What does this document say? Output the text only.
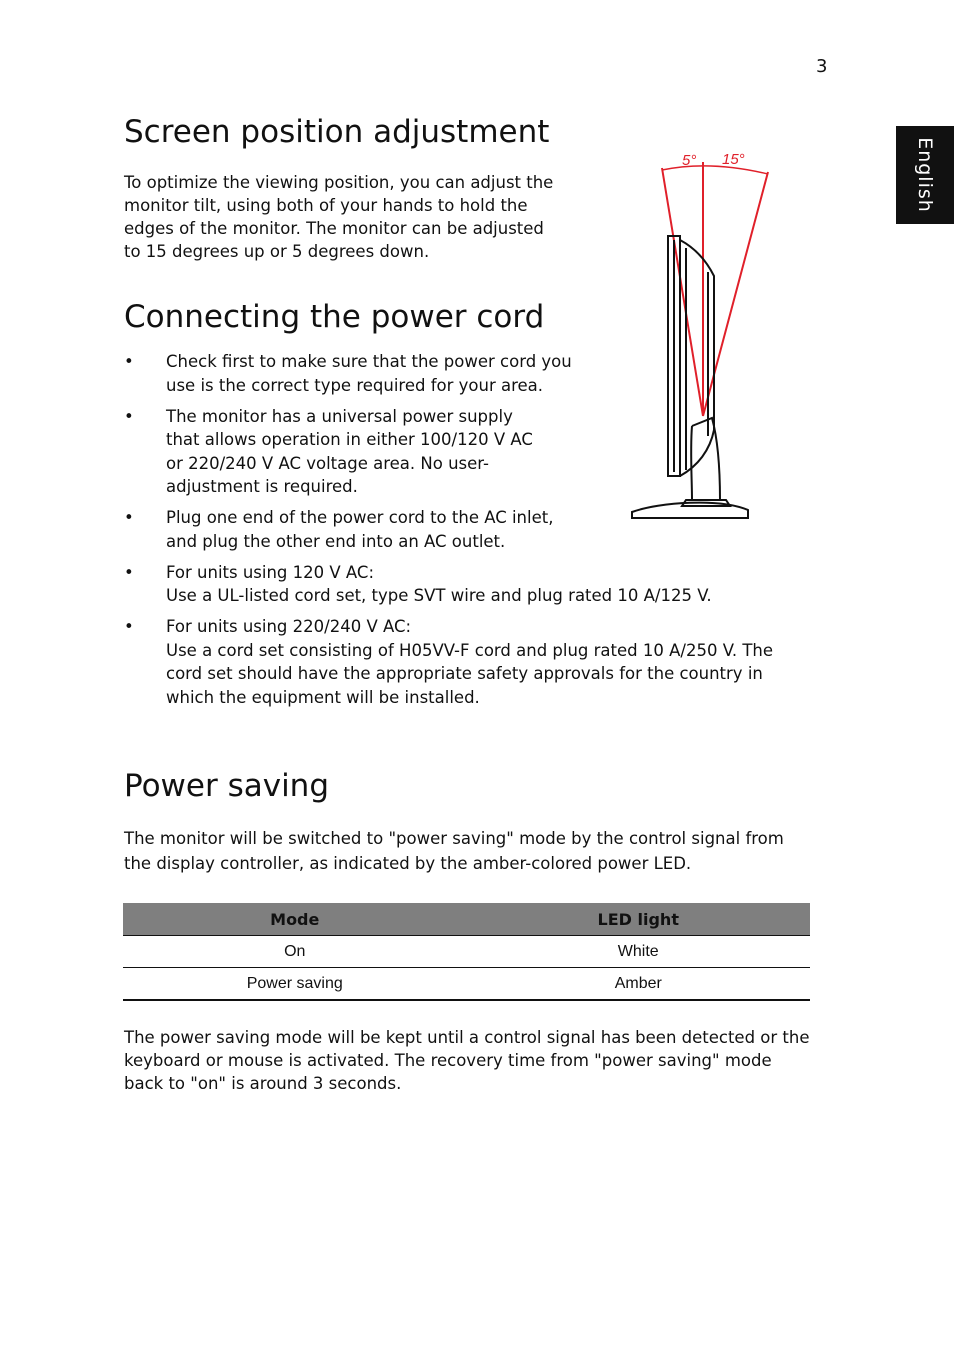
3
English
Screen position adjustment

To optimize the viewing position, you can adjust the monitor tilt, using both of your hands to hold the edges of the monitor. The monitor can be adjusted to 15 degrees up or 5 degrees down.

5° 15°
Connecting the power cord
• Check first to make sure that the power cord you use is the correct type required for your area.
• The monitor has a universal power supply that allows operation in either 100/120 V AC or 220/240 V AC voltage area. No user-adjustment is required.
• Plug one end of the power cord to the AC inlet, and plug the other end into an AC outlet.
• For units using 120 V AC:
Use a UL-listed cord set, type SVT wire and plug rated 10 A/125 V.
• For units using 220/240 V AC:
Use a cord set consisting of H05VV-F cord and plug rated 10 A/250 V. The cord set should have the appropriate safety approvals for the country in which the equipment will be installed.
Power saving

The monitor will be switched to "power saving" mode by the control signal from the display controller, as indicated by the amber-colored power LED.

Mode	LED light
On	White
Power saving	Amber

The power saving mode will be kept until a control signal has been detected or the keyboard or mouse is activated. The recovery time from "power saving" mode back to "on" is around 3 seconds.
